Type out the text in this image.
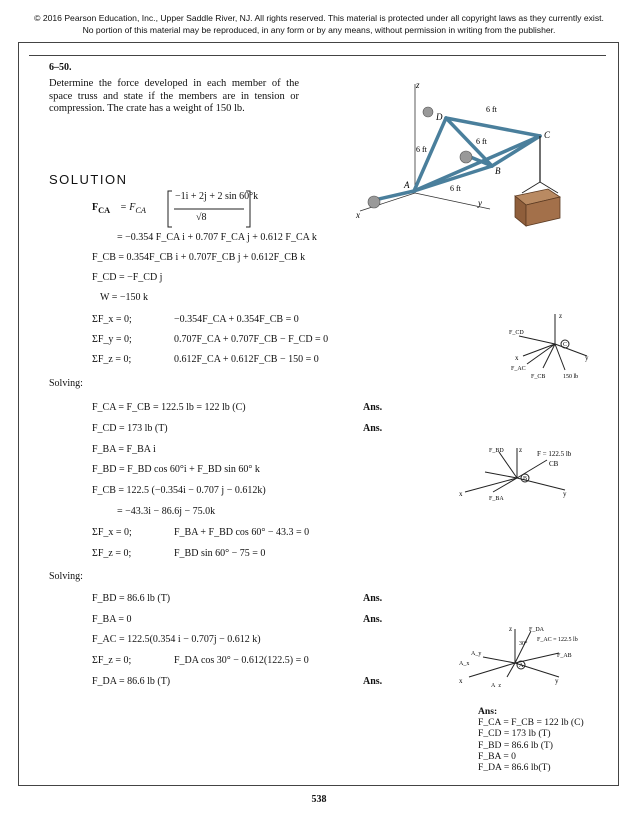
© 2016 Pearson Education, Inc., Upper Saddle River, NJ. All rights reserved. This material is protected under all copyright laws as they currently exist. No portion of this material may be reproduced, in any form or by any means, without permission in writing from the publisher.
6–50.
Determine the force developed in each member of the space truss and state if the members are in tension or compression. The crate has a weight of 150 lb.
z
y
x
A
B
C
D
6 ft
6 ft
6 ft
6 ft
SOLUTION
$F_{CA} = F_{CA}$
−1i + 2j + 2 sin 60°k
√8
= −0.354 F_CA i + 0.707 F_CA j + 0.612 F_CA k
F_CB = 0.354F_CB i + 0.707F_CB j + 0.612F_CB k
F_CD = −F_CD j
W = −150 k
ΣF_x = 0;	−0.354F_CA + 0.354F_CB = 0
ΣF_y = 0;	0.707F_CA + 0.707F_CB − F_CD = 0
ΣF_z = 0;	0.612F_CA + 0.612F_CB − 150 = 0
Solving:
F_CA = F_CB = 122.5 lb = 122 lb (C)	Ans.
F_CD = 173 lb (T)	Ans.
F_BA = F_BA i
F_BD = F_BD cos 60°i + F_BD sin 60° k
F_CB = 122.5 (−0.354i − 0.707 j − 0.612k)
= −43.3i − 86.6j − 75.0k
ΣF_x = 0;	F_BA + F_BD cos 60° − 43.3 = 0
ΣF_z = 0;	F_BD sin 60° − 75 = 0
Solving:
F_BD = 86.6 lb (T)	Ans.
F_BA = 0	Ans.
F_AC = 122.5(0.354 i − 0.707j − 0.612 k)
ΣF_z = 0;	F_DA cos 30° − 0.612(122.5) = 0
F_DA = 86.6 lb (T)	Ans.
C
z
y
x
F_CD
F_AC
F_CB	150 lb
B
z
x	y
F = 122.5 lb
CB
F_BD
F_BA
A
z
x	y
F_DA
F_AC = 122.5 lb
F_AB
30°
A_y
A_z
A_x
Ans:
F_CA = F_CB = 122 lb (C)
F_CD = 173 lb (T)
F_BD = 86.6 lb (T)
F_BA = 0
F_DA = 86.6 lb(T)
538
